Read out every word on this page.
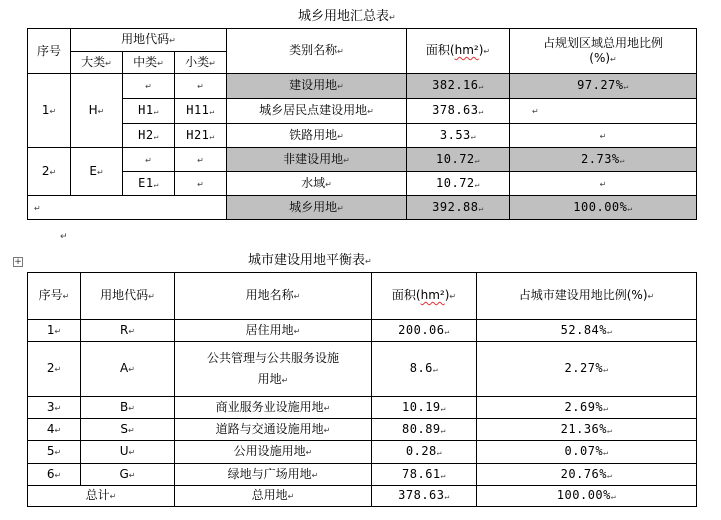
城乡用地汇总表↵
序号	用地代码↵			类别名称↵	面积(hm²)↵	占规划区域总用地比例
(%)↵
	大类↵	中类↵	小类↵			
1↵	H↵	↵	↵	建设用地↵	382.16↵	97.27%↵
		H1↵	H11↵	城乡居民点建设用地↵	378.63↵	↵
		H2↵	H21↵	铁路用地↵	3.53↵	↵
2↵	E↵	↵	↵	非建设用地↵	10.72↵	2.73%↵
		E1↵	↵	水域↵	10.72↵	↵
↵				城乡用地↵	392.88↵	100.00%↵
↵
+	城市建设用地平衡表↵
序号↵	用地代码↵	用地名称↵	面积(hm²)↵	占城市建设用地比例(%)↵
1↵	R↵	居住用地↵	200.06↵	52.84%↵
2↵	A↵	公共管理与公共服务设施
用地↵	8.6↵	2.27%↵
3↵	B↵	商业服务业设施用地↵	10.19↵	2.69%↵
4↵	S↵	道路与交通设施用地↵	80.89↵	21.36%↵
5↵	U↵	公用设施用地↵	0.28↵	0.07%↵
6↵	G↵	绿地与广场用地↵	78.61↵	20.76%↵
总计↵		总用地↵	378.63↵	100.00%↵
